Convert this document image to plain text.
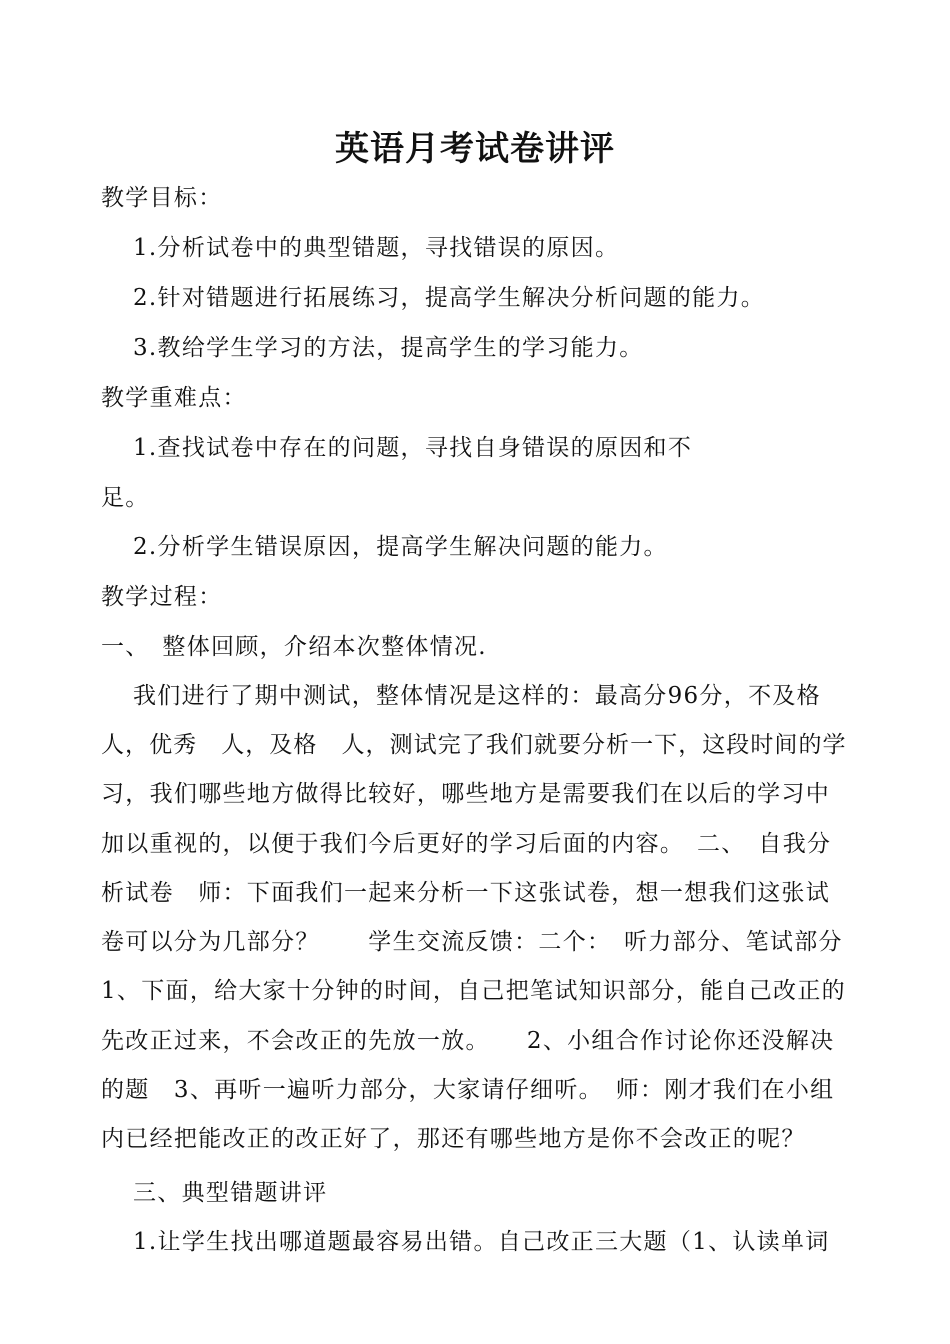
英语月考试卷讲评
教学目标：
1.分析试卷中的典型错题，寻找错误的原因。
2.针对错题进行拓展练习，提高学生解决分析问题的能力。
3.教给学生学习的方法，提高学生的学习能力。
教学重难点：
1.查找试卷中存在的问题，寻找自身错误的原因和不
足。
2.分析学生错误原因，提高学生解决问题的能力。
教学过程：
一、　整体回顾，介绍本次整体情况.
我们进行了期中测试，整体情况是这样的：最高分96分，不及格
人，优秀　人，及格　人，测试完了我们就要分析一下，这段时间的学
习，我们哪些地方做得比较好，哪些地方是需要我们在以后的学习中
加以重视的，以便于我们今后更好的学习后面的内容。　二、　自我分
析试卷　师：下面我们一起来分析一下这张试卷，想一想我们这张试
卷可以分为几部分？　　学生交流反馈：二个：　听力部分、笔试部分
1、下面，给大家十分钟的时间，自己把笔试知识部分，能自己改正的
先改正过来，不会改正的先放一放。　　2、小组合作讨论你还没解决
的题　3、再听一遍听力部分，大家请仔细听。　师：刚才我们在小组
内已经把能改正的改正好了，那还有哪些地方是你不会改正的呢？
三、典型错题讲评
1.让学生找出哪道题最容易出错。自己改正三大题（1、认读单词
